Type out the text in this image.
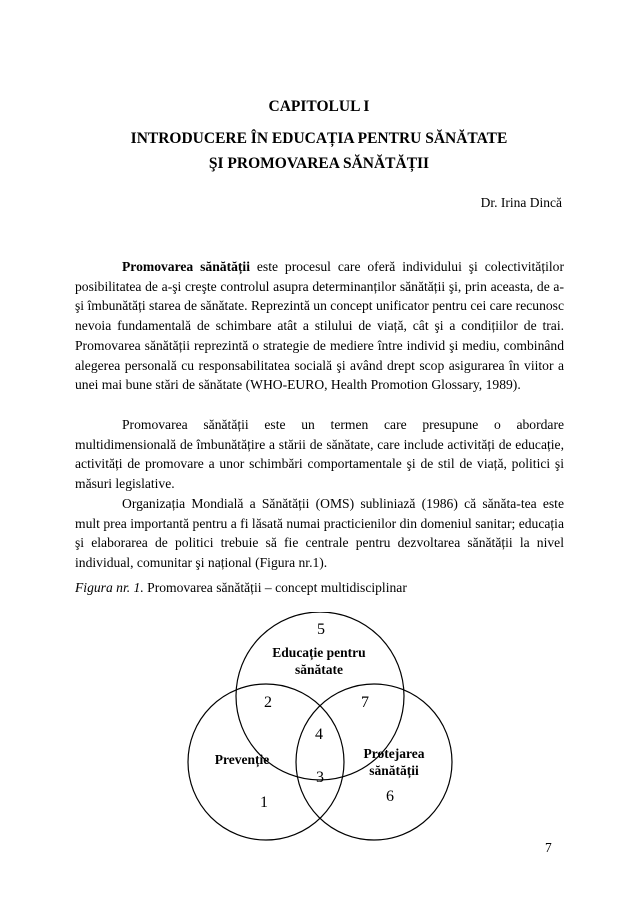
CAPITOLUL I
INTRODUCERE ÎN EDUCAȚIA PENTRU SĂNĂTATE
ŞI PROMOVAREA SĂNĂTĂȚII
Dr. Irina Dincă

Promovarea sănătății este procesul care oferă individului şi colectivităților posibilitatea de a-şi creşte controlul asupra determinanților sănătății şi, prin aceasta, de a-şi îmbunătăți starea de sănătate. Reprezintă un concept unificator pentru cei care recunosc nevoia fundamentală de schimbare atât a stilului de viață, cât şi a condițiilor de trai. Promovarea sănătății reprezintă o strategie de mediere între individ şi mediu, combinând alegerea personală cu responsabilitatea socială şi având drept scop asigurarea în viitor a unei mai bune stări de sănătate (WHO-EURO, Health Promotion Glossary, 1989).

Promovarea sănătății este un termen care presupune o abordare multidimensională de îmbunătățire a stării de sănătate, care include activități de educație, activități de promovare a unor schimbări comportamentale şi de stil de viață, politici şi măsuri legislative.

Organizația Mondială a Sănătății (OMS) subliniază (1986) că sănăta-tea este mult prea importantă pentru a fi lăsată numai practicienilor din domeniul sanitar; educația şi elaborarea de politici trebuie să fie centrale pentru dezvoltarea sănătății la nivel individual, comunitar şi național (Figura nr.1).

Figura nr. 1. Promovarea sănătății – concept multidisciplinar
5
Educație pentru
sănătate
2	7
4
Prevenție	Protejarea
sănătății
3
6
1
7
